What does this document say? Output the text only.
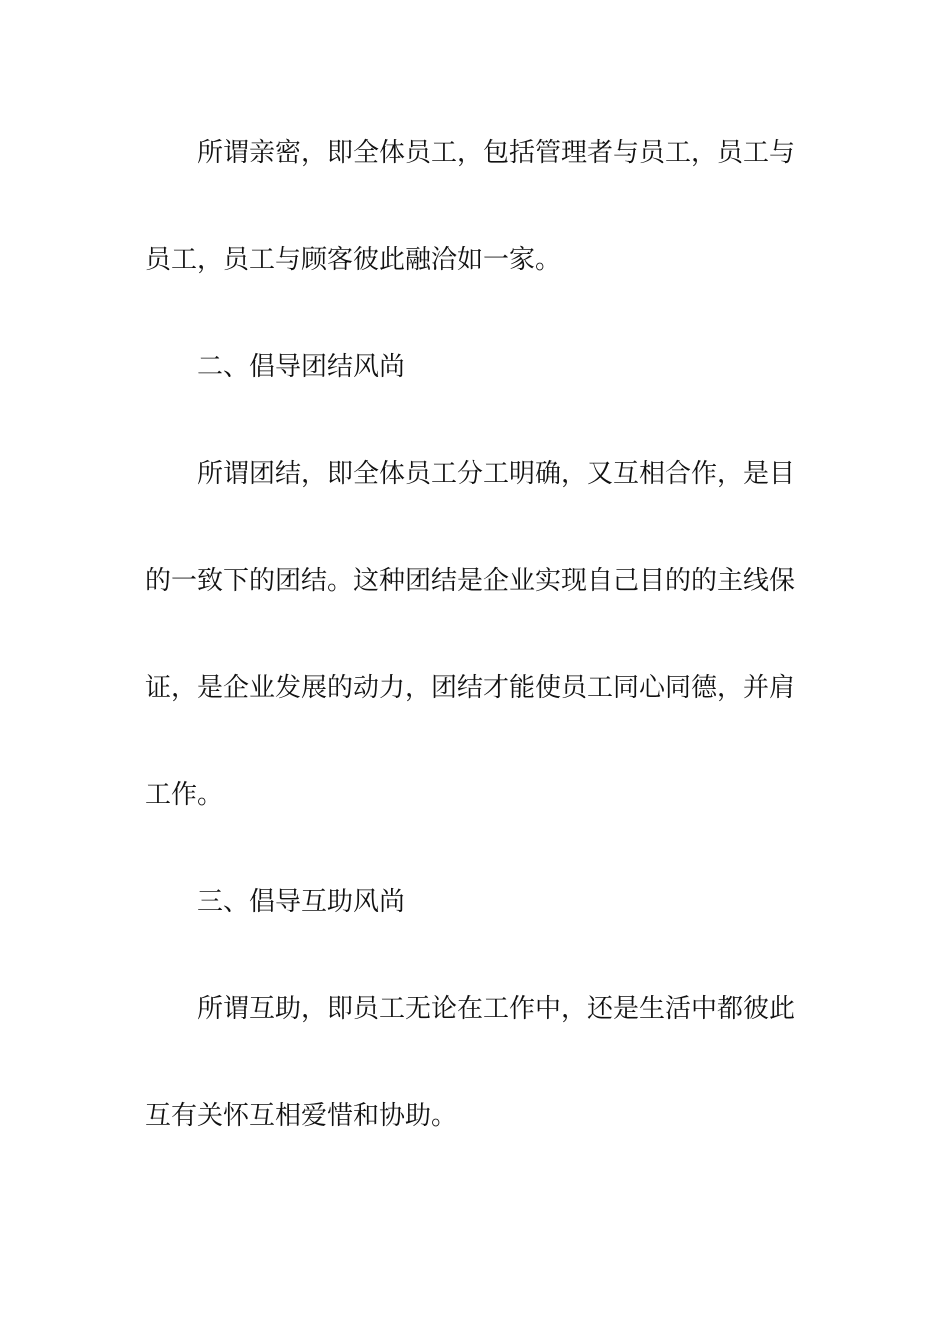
所谓亲密，即全体员工，包括管理者与员工，员工与
员工，员工与顾客彼此融洽如一家。
二、倡导团结风尚
所谓团结，即全体员工分工明确，又互相合作，是目
的一致下的团结。这种团结是企业实现自己目的的主线保
证，是企业发展的动力，团结才能使员工同心同德，并肩
工作。
三、倡导互助风尚
所谓互助，即员工无论在工作中，还是生活中都彼此
互有关怀互相爱惜和协助。
